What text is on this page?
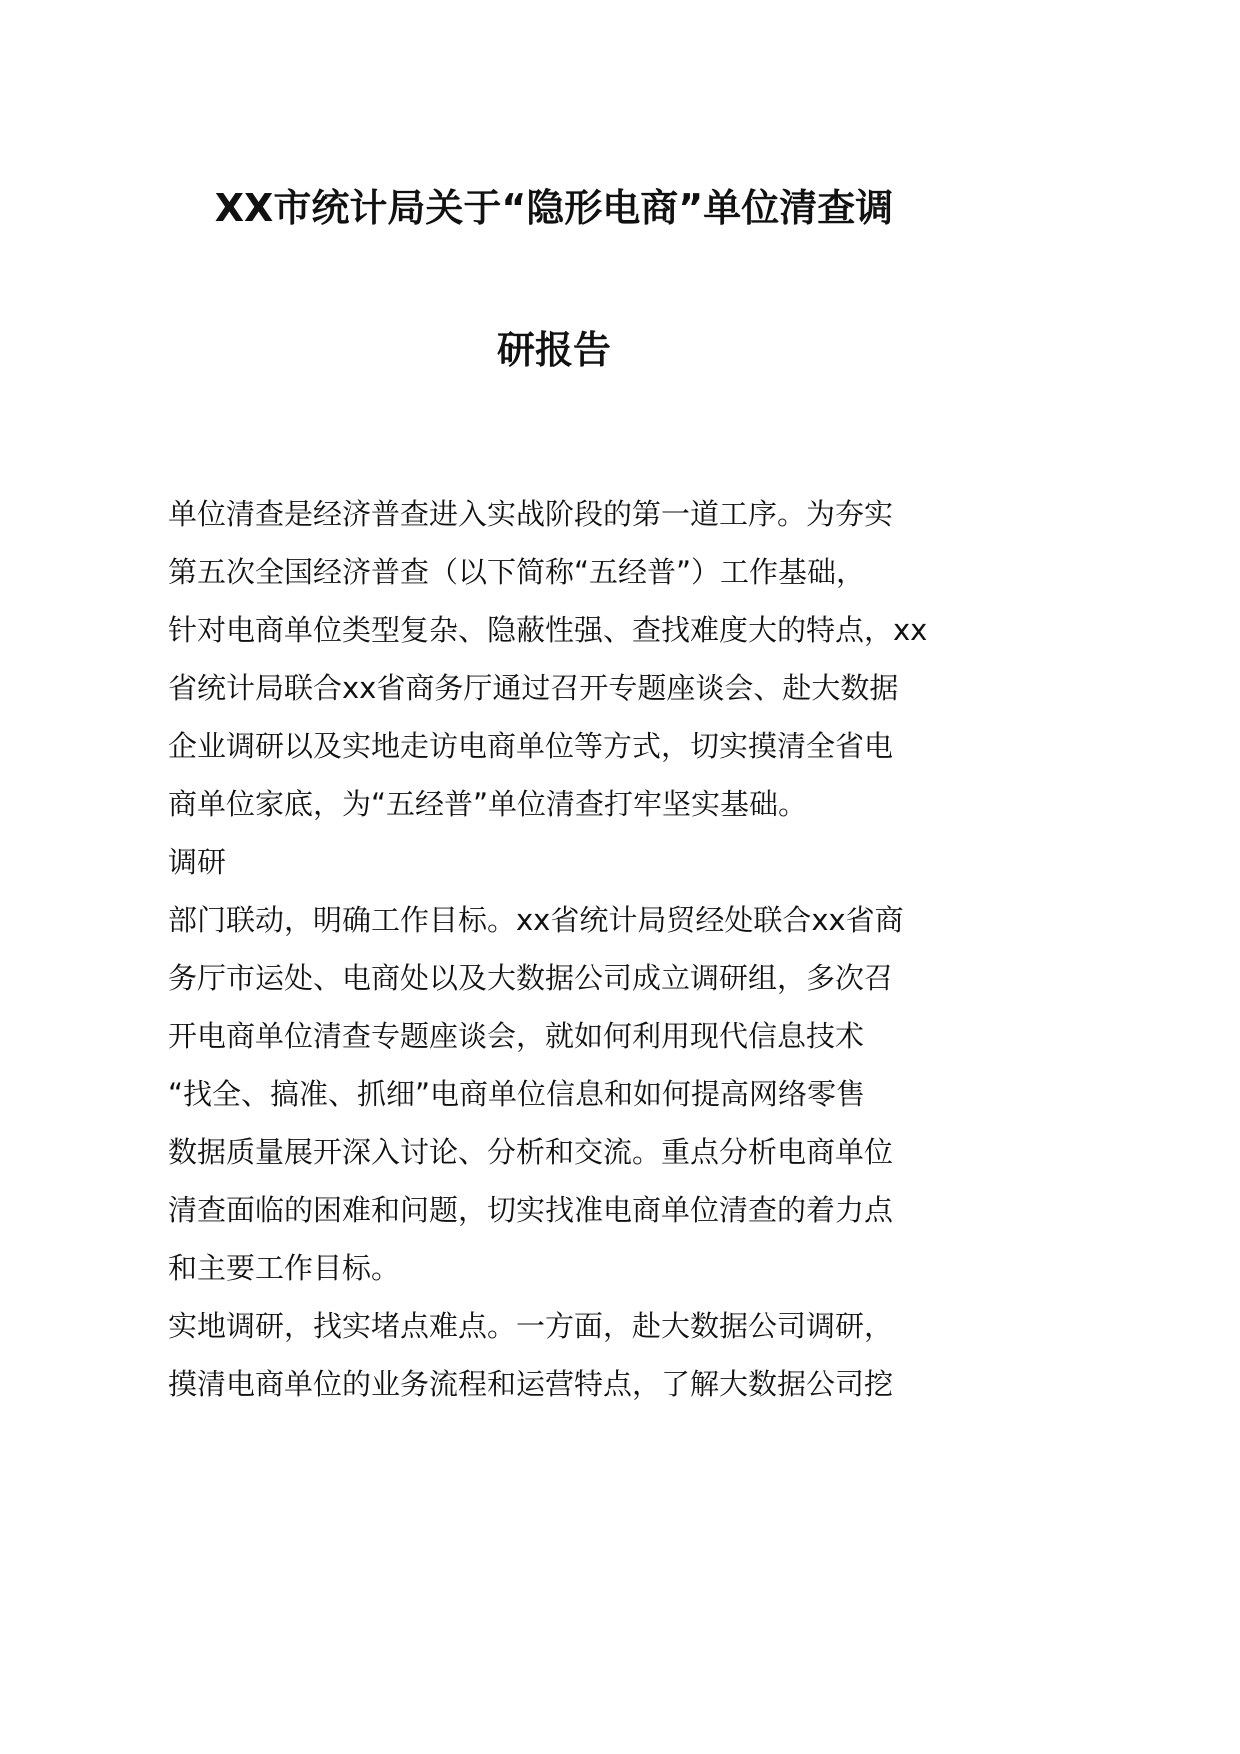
XX市统计局关于“隐形电商”单位清查调
研报告
单位清查是经济普查进入实战阶段的第一道工序。为夯实
第五次全国经济普查（以下简称“五经普”）工作基础，
针对电商单位类型复杂、隐蔽性强、查找难度大的特点，xx
省统计局联合xx省商务厅通过召开专题座谈会、赴大数据
企业调研以及实地走访电商单位等方式，切实摸清全省电
商单位家底，为“五经普”单位清查打牢坚实基础。
调研
部门联动，明确工作目标。xx省统计局贸经处联合xx省商
务厅市运处、电商处以及大数据公司成立调研组，多次召
开电商单位清查专题座谈会，就如何利用现代信息技术
“找全、搞准、抓细”电商单位信息和如何提高网络零售
数据质量展开深入讨论、分析和交流。重点分析电商单位
清查面临的困难和问题，切实找准电商单位清查的着力点
和主要工作目标。
实地调研，找实堵点难点。一方面，赴大数据公司调研，
摸清电商单位的业务流程和运营特点，了解大数据公司挖
